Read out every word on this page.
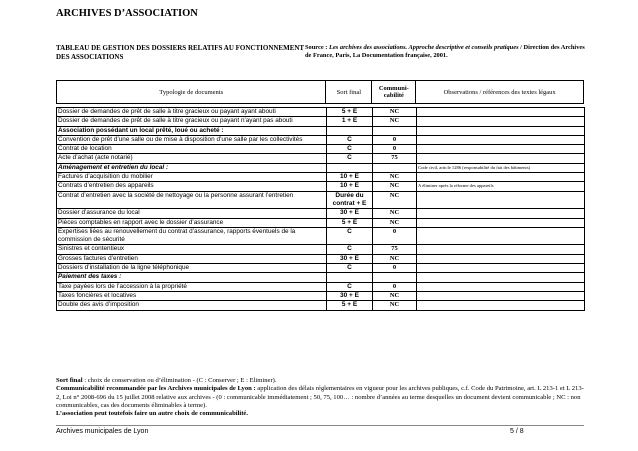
ARCHIVES D’ASSOCIATION
TABLEAU DE GESTION DES DOSSIERS RELATIFS AU FONCTIONNEMENT DES ASSOCIATIONS
Source : Les archives des associations. Approche descriptive et conseils pratiques / Direction des Archives de France, Paris, La Documentation française, 2001.
Typologie de documents	Sort final	Communi-cabilité	Observations / références des textes légaux
Dossier de demandes de prêt de salle à titre gracieux ou payant ayant abouti	5 + E	NC	
Dossier de demandes de prêt de salle à titre gracieux ou payant n'ayant pas abouti	1 + E	NC	
Association possédant un local prêté, loué ou acheté :			
Convention de prêt d’une salle ou de mise à disposition d’une salle par les collectivités	C	0	
Contrat de location	C	0	
Acte d’achat (acte notarié)	C	75	
Aménagement et entretien du local :			Code civil, article 1286 (responsabilité du fait des bâtiments)
Factures d’acquisition du mobilier	10 + E	NC	
Contrats d’entretien des appareils	10 + E	NC	A éliminer après la réforme des appareils
Contrat d’entretien avec la société de nettoyage ou la personne assurant l’entretien	Durée du contrat + E	NC	
Dossier d’assurance du local	30 + E	NC	
Pièces comptables en rapport avec le dossier d’assurance	5 + E	NC	
Expertises liées au renouvellement du contrat d’assurance, rapports éventuels de la commission de sécurité	C	0	
Sinistres et contentieux	C	75	
Grosses factures d’entretien	30 + E	NC	
Dossiers d’installation de la ligne téléphonique	C	0	
Paiement des taxes :			
Taxe payées lors de l’accession à la propriété	C	0	
Taxes foncières et locatives	30 + E	NC	
Double des avis d’imposition	5 + E	NC	
Sort final : choix de conservation ou d’élimination - (C : Conserver ; E : Eliminer).
Communicabilité recommandée par les Archives municipales de Lyon : application des délais réglementaires en vigueur pour les archives publiques, c.f. Code du Patrimoine, art. L 213-1 et L 213-2, Loi n° 2008-696 du 15 juillet 2008 relative aux archives - (0 : communicable immédiatement ; 50, 75, 100… : nombre d’années au terme desquelles un document devient communicable ; NC : non communicables, cas des documents éliminables à terme).
L’association peut toutefois faire un autre choix de communicabilité.
Archives municipales de Lyon	5 / 8
